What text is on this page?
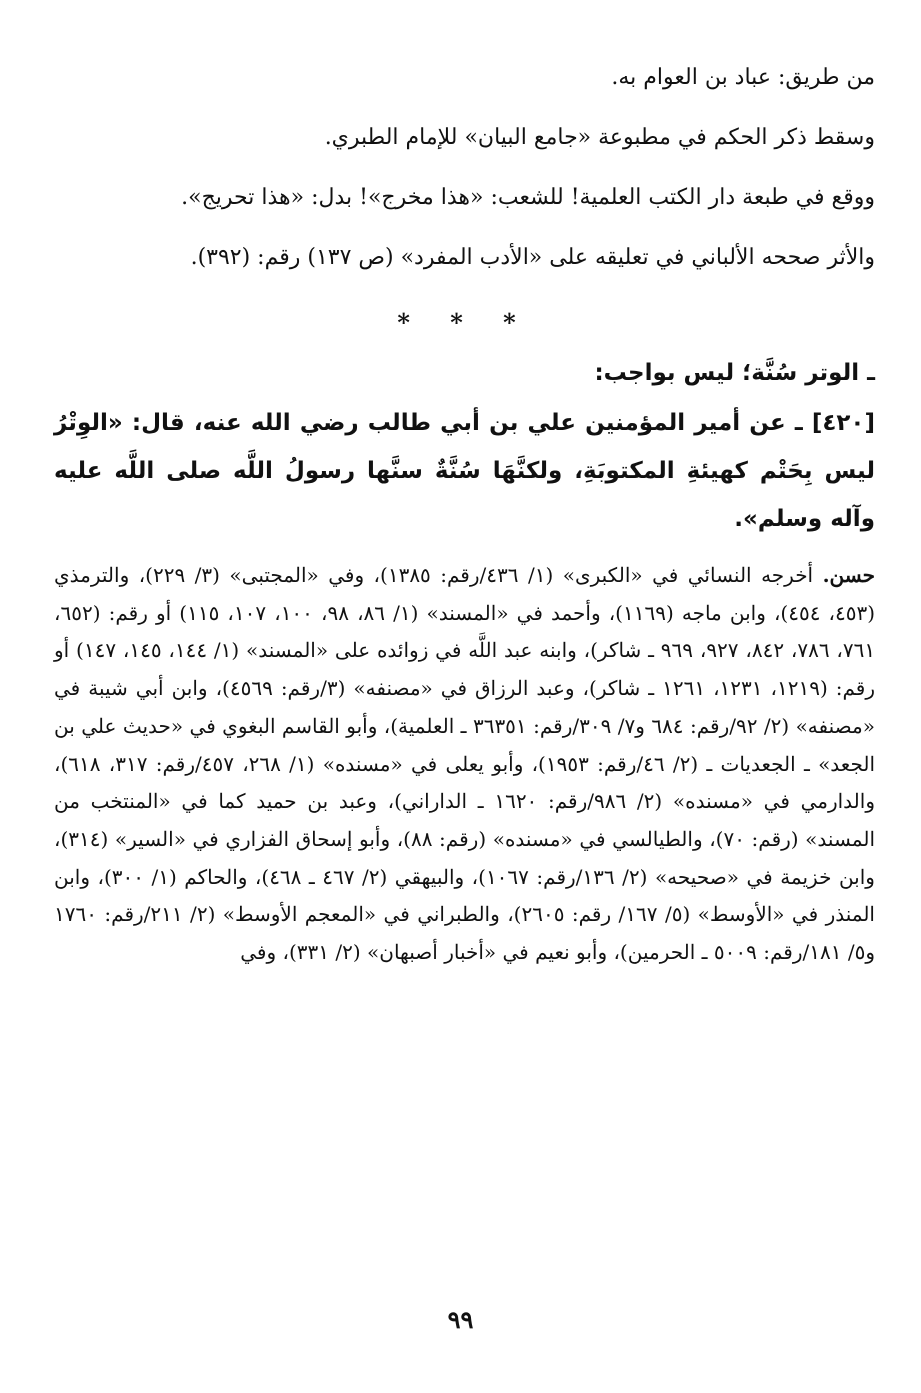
من طريق: عباد بن العوام به.

وسقط ذكر الحكم في مطبوعة «جامع البيان» للإمام الطبري.

ووقع في طبعة دار الكتب العلمية! للشعب: «هذا مخرج»! بدل: «هذا تحريج».

والأثر صححه الألباني في تعليقه على «الأدب المفرد» (ص ١٣٧) رقم: (٣٩٢).

* * *
ـ الوتر سُنَّة؛ ليس بواجب:

[٤٢٠] ـ عن أمير المؤمنين علي بن أبي طالب رضي الله عنه، قال: «الوِتْرُ ليس بِحَتْم كهيئةِ المكتوبَةِ، ولكنَّهَا سُنَّةٌ سنَّها رسولُ اللَّه صلى اللَّه عليه وآله وسلم».

حسن. أخرجه النسائي في «الكبرى» (١/ ٤٣٦/رقم: ١٣٨٥)، وفي «المجتبى» (٣/ ٢٢٩)، والترمذي (٤٥٣، ٤٥٤)، وابن ماجه (١١٦٩)، وأحمد في «المسند» (١/ ٨٦، ٩٨، ١٠٠، ١٠٧، ١١٥) أو رقم: (٦٥٢، ٧٦١، ٧٨٦، ٨٤٢، ٩٢٧، ٩٦٩ ـ شاكر)، وابنه عبد اللَّه في زوائده على «المسند» (١/ ١٤٤، ١٤٥، ١٤٧) أو رقم: (١٢١٩، ١٢٣١، ١٢٦١ ـ شاكر)، وعبد الرزاق في «مصنفه» (٣/رقم: ٤٥٦٩)، وابن أبي شيبة في «مصنفه» (٢/ ٩٢/رقم: ٦٨٤ و٧/ ٣٠٩/رقم: ٣٦٣٥١ ـ العلمية)، وأبو القاسم البغوي في «حديث علي بن الجعد» ـ الجعديات ـ (٢/ ٤٦/رقم: ١٩٥٣)، وأبو يعلى في «مسنده» (١/ ٢٦٨، ٤٥٧/رقم: ٣١٧، ٦١٨)، والدارمي في «مسنده» (٢/ ٩٨٦/رقم: ١٦٢٠ ـ الداراني)، وعبد بن حميد كما في «المنتخب من المسند» (رقم: ٧٠)، والطيالسي في «مسنده» (رقم: ٨٨)، وأبو إسحاق الفزاري في «السير» (٣١٤)، وابن خزيمة في «صحيحه» (٢/ ١٣٦/رقم: ١٠٦٧)، والبيهقي (٢/ ٤٦٧ ـ ٤٦٨)، والحاكم (١/ ٣٠٠)، وابن المنذر في «الأوسط» (٥/ ١٦٧/ رقم: ٢٦٠٥)، والطبراني في «المعجم الأوسط» (٢/ ٢١١/رقم: ١٧٦٠ و٥/ ١٨١/رقم: ٥٠٠٩ ـ الحرمين)، وأبو نعيم في «أخبار أصبهان» (٢/ ٣٣١)، وفي

٩٩
